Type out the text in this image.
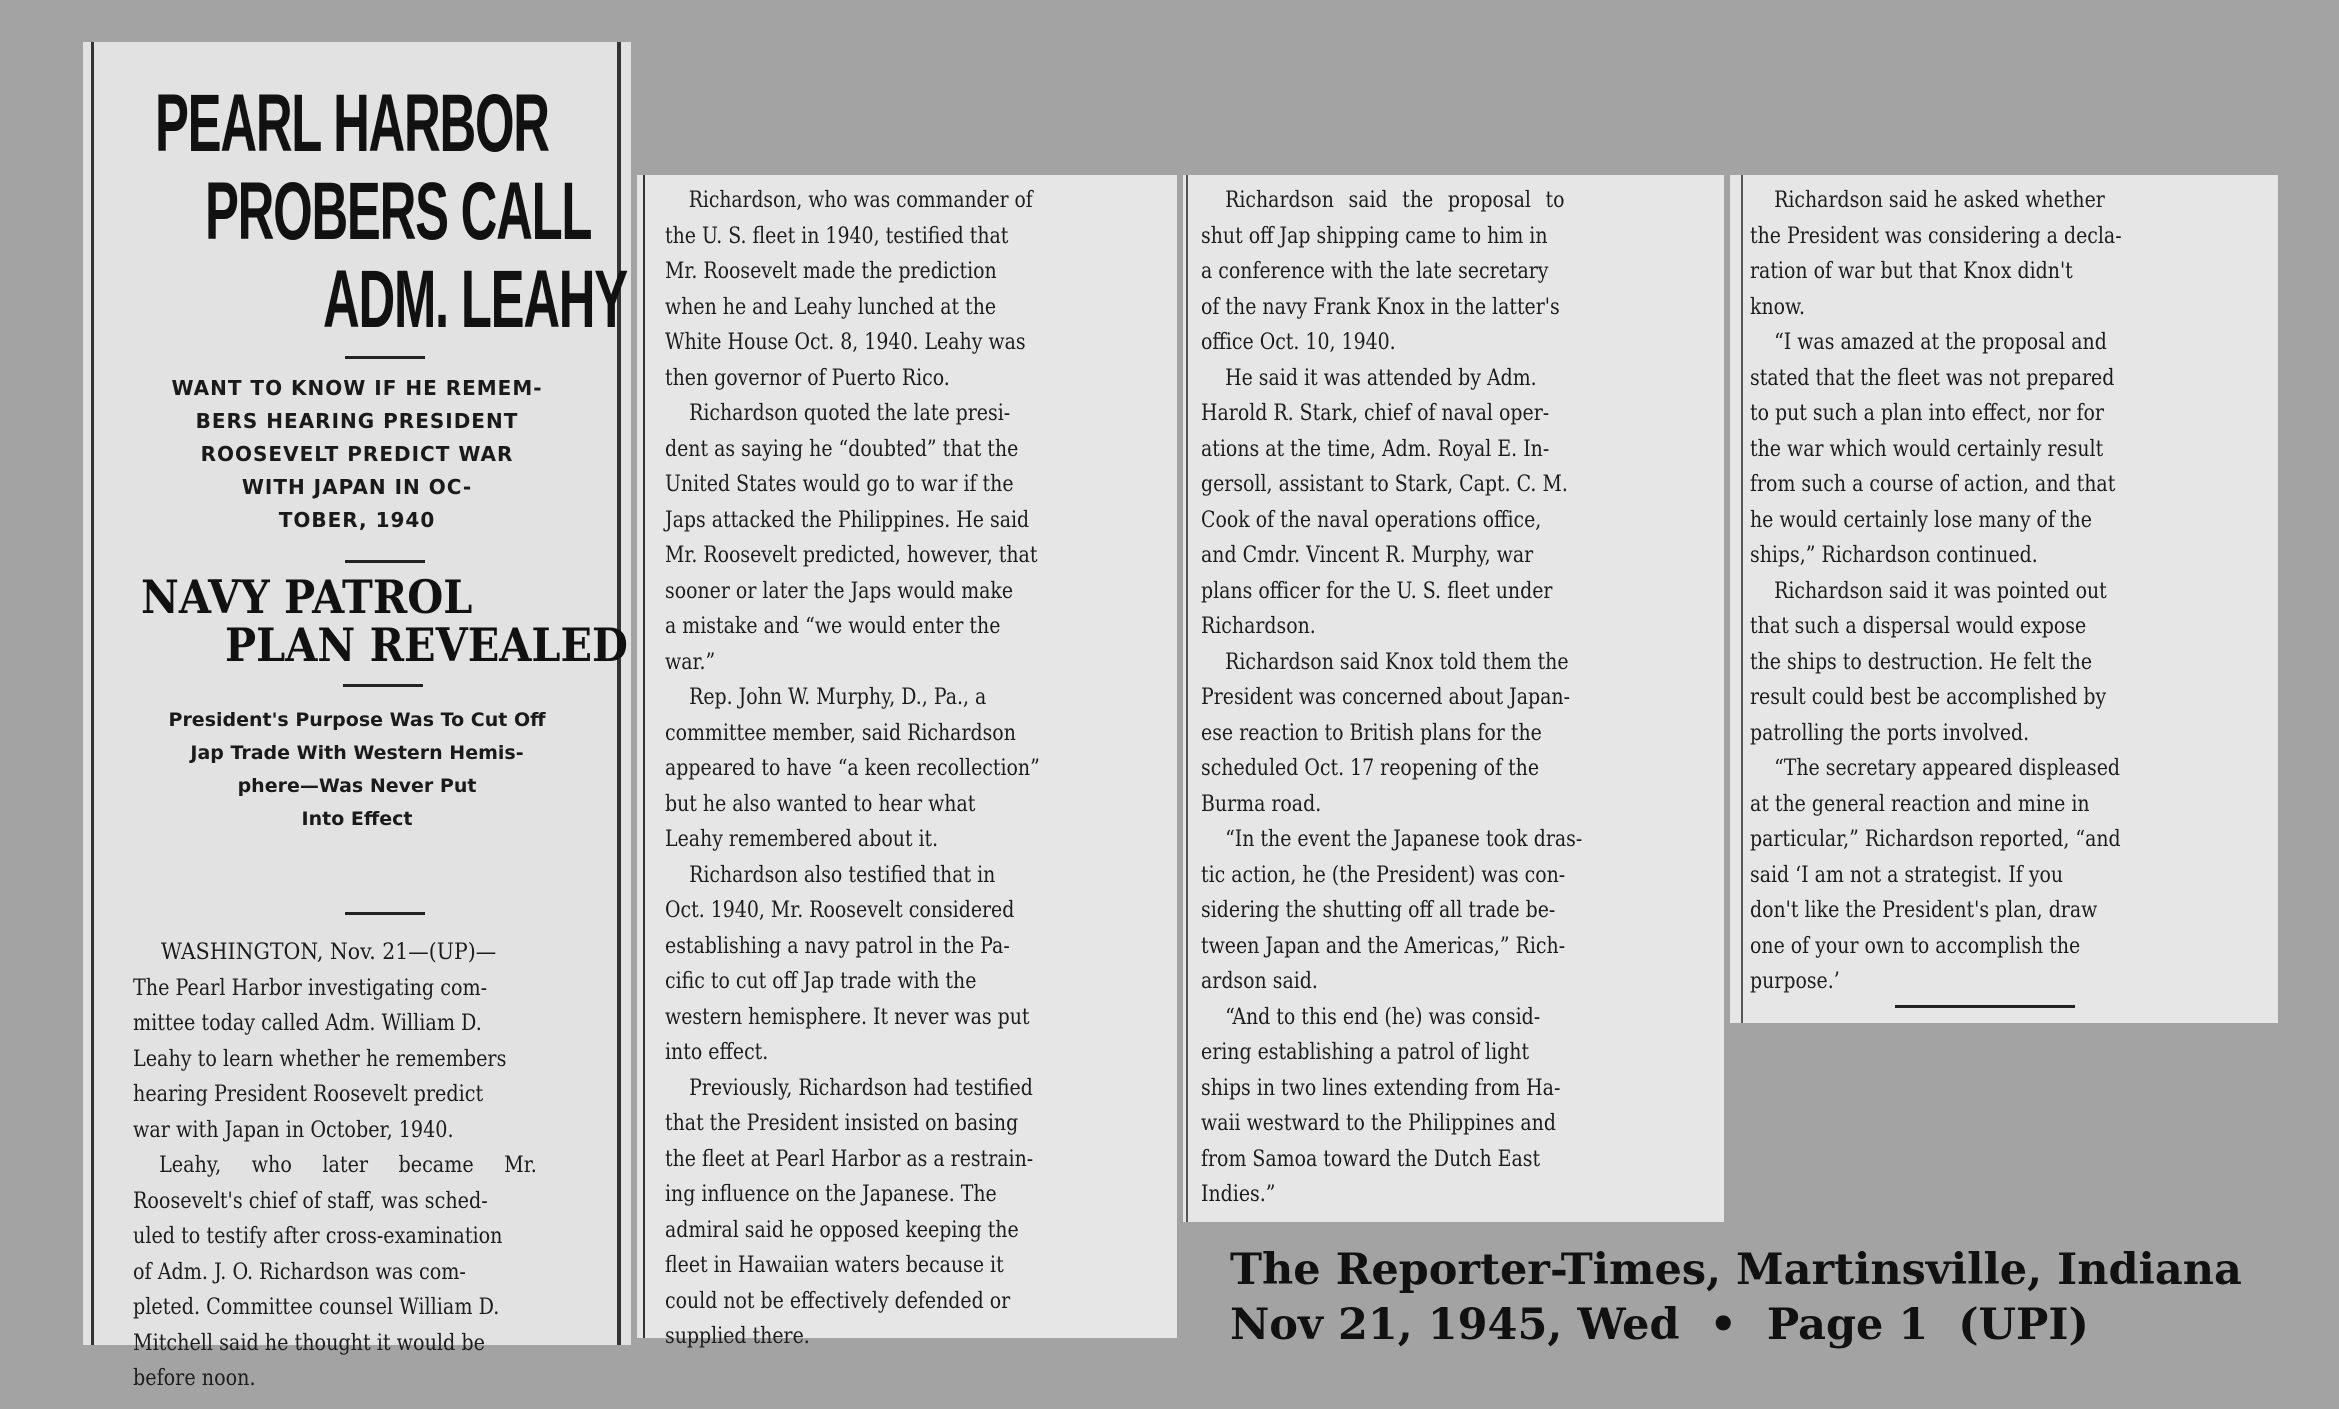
PEARL HARBOR
PROBERS CALL
ADM. LEAHY
WANT TO KNOW IF HE REMEM-
BERS HEARING PRESIDENT
ROOSEVELT PREDICT WAR
WITH JAPAN IN OC-
TOBER, 1940
NAVY PATROL
PLAN REVEALED
President's Purpose Was To Cut Off
Jap Trade With Western Hemis-
phere—Was Never Put
Into Effect
WASHINGTON, Nov. 21—(UP)—
The Pearl Harbor investigating com-
mittee today called Adm. William D.
Leahy to learn whether he remembers
hearing President Roosevelt predict
war with Japan in October, 1940.
Leahy, who later became Mr.
Roosevelt's chief of staff, was sched-
uled to testify after cross-examination
of Adm. J. O. Richardson was com-
pleted. Committee counsel William D.
Mitchell said he thought it would be
before noon.
Richardson, who was commander of
the U. S. fleet in 1940, testified that
Mr. Roosevelt made the prediction
when he and Leahy lunched at the
White House Oct. 8, 1940. Leahy was
then governor of Puerto Rico.
Richardson quoted the late presi-
dent as saying he “doubted” that the
United States would go to war if the
Japs attacked the Philippines. He said
Mr. Roosevelt predicted, however, that
sooner or later the Japs would make
a mistake and “we would enter the
war.”
Rep. John W. Murphy, D., Pa., a
committee member, said Richardson
appeared to have “a keen recollection”
but he also wanted to hear what
Leahy remembered about it.
Richardson also testified that in
Oct. 1940, Mr. Roosevelt considered
establishing a navy patrol in the Pa-
cific to cut off Jap trade with the
western hemisphere. It never was put
into effect.
Previously, Richardson had testified
that the President insisted on basing
the fleet at Pearl Harbor as a restrain-
ing influence on the Japanese. The
admiral said he opposed keeping the
fleet in Hawaiian waters because it
could not be effectively defended or
supplied there.
Richardson said the proposal to
shut off Jap shipping came to him in
a conference with the late secretary
of the navy Frank Knox in the latter's
office Oct. 10, 1940.
He said it was attended by Adm.
Harold R. Stark, chief of naval oper-
ations at the time, Adm. Royal E. In-
gersoll, assistant to Stark, Capt. C. M.
Cook of the naval operations office,
and Cmdr. Vincent R. Murphy, war
plans officer for the U. S. fleet under
Richardson.
Richardson said Knox told them the
President was concerned about Japan-
ese reaction to British plans for the
scheduled Oct. 17 reopening of the
Burma road.
“In the event the Japanese took dras-
tic action, he (the President) was con-
sidering the shutting off all trade be-
tween Japan and the Americas,” Rich-
ardson said.
“And to this end (he) was consid-
ering establishing a patrol of light
ships in two lines extending from Ha-
waii westward to the Philippines and
from Samoa toward the Dutch East
Indies.”
Richardson said he asked whether
the President was considering a decla-
ration of war but that Knox didn't
know.
“I was amazed at the proposal and
stated that the fleet was not prepared
to put such a plan into effect, nor for
the war which would certainly result
from such a course of action, and that
he would certainly lose many of the
ships,” Richardson continued.
Richardson said it was pointed out
that such a dispersal would expose
the ships to destruction. He felt the
result could best be accomplished by
patrolling the ports involved.
“The secretary appeared displeased
at the general reaction and mine in
particular,” Richardson reported, “and
said ‘I am not a strategist. If you
don't like the President's plan, draw
one of your own to accomplish the
purpose.’
The Reporter-Times, Martinsville, Indiana
Nov 21, 1945, Wed  •  Page 1  (UPI)
